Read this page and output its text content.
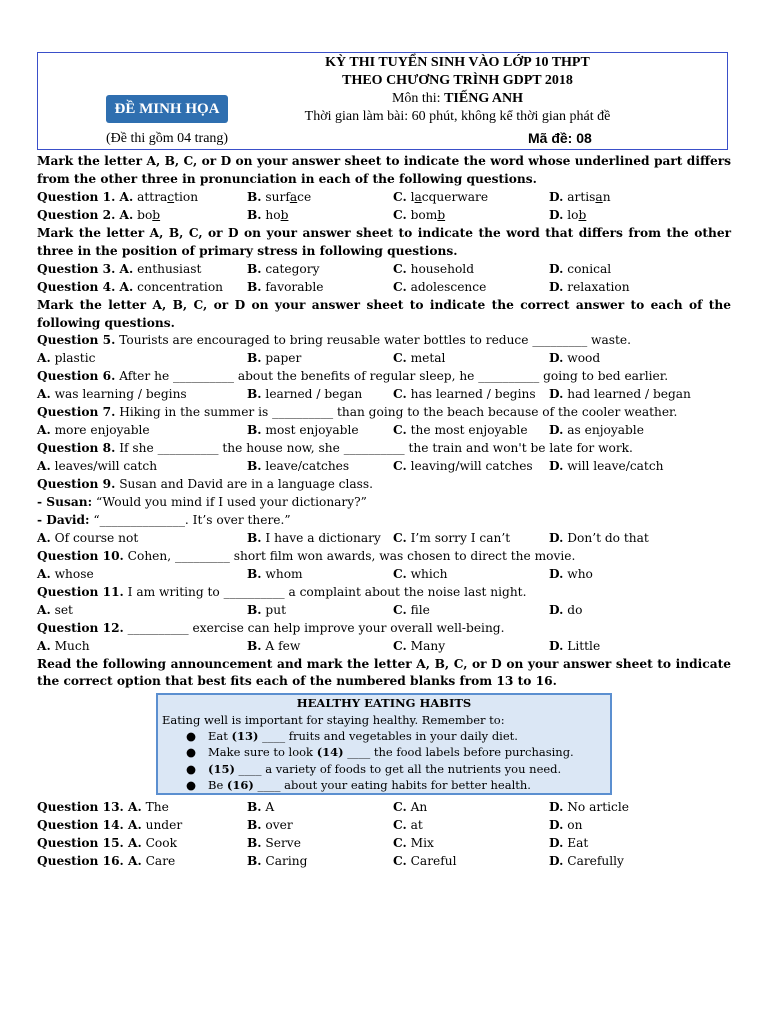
KỲ THI TUYỂN SINH VÀO LỚP 10 THPT
THEO CHƯƠNG TRÌNH GDPT 2018
Môn thi: TIẾNG ANH
Thời gian làm bài: 60 phút, không kể thời gian phát đề
ĐỀ MINH HỌA
(Đề thi gồm 04 trang)	Mã đề: 08
Mark the letter A, B, C, or D on your answer sheet to indicate the word whose underlined part differs from the other three in pronunciation in each of the following questions.
Question 1. A. attraction	B. surface	C. lacquerware	D. artisan
Question 2. A. bob	B. hob	C. bomb	D. lob
Mark the letter A, B, C, or D on your answer sheet to indicate the word that differs from the other three in the position of primary stress in following questions.
Question 3. A. enthusiast	B. category	C. household	D. conical
Question 4. A. concentration B. favorable	C. adolescence	D. relaxation
Mark the letter A, B, C, or D on your answer sheet to indicate the correct answer to each of the following questions.
Question 5. Tourists are encouraged to bring reusable water bottles to reduce _________ waste.
A. plastic	B. paper	C. metal	D. wood
Question 6. After he __________ about the benefits of regular sleep, he __________ going to bed earlier.
A. was learning / begins	B. learned / began	C. has learned / begins D. had learned / began
Question 7. Hiking in the summer is __________ than going to the beach because of the cooler weather.
A. more enjoyable	B. most enjoyable	C. the most enjoyable D. as enjoyable
Question 8. If she __________ the house now, she __________ the train and won't be late for work.
A. leaves/will catch	B. leave/catches	C. leaving/will catches D. will leave/catch
Question 9. Susan and David are in a language class.
- Susan: “Would you mind if I used your dictionary?”
- David: “______________. It’s over there.”
A. Of course not	B. I have a dictionary C. I’m sorry I can’t	D. Don’t do that
Question 10. Cohen, _________ short film won awards, was chosen to direct the movie.
A. whose	B. whom	C. which	D. who
Question 11. I am writing to __________ a complaint about the noise last night.
A. set	B. put	C. file	D. do
Question 12. __________ exercise can help improve your overall well-being.
A. Much	B. A few	C. Many	D. Little
Read the following announcement and mark the letter A, B, C, or D on your answer sheet to indicate the correct option that best fits each of the numbered blanks from 13 to 16.
HEALTHY EATING HABITS
Eating well is important for staying healthy. Remember to:
● Eat (13) ____ fruits and vegetables in your daily diet.
● Make sure to look (14) ____ the food labels before purchasing.
● (15) ____ a variety of foods to get all the nutrients you need.
● Be (16) ____ about your eating habits for better health.
Question 13. A. The	B. A	C. An	D. No article
Question 14. A. under	B. over	C. at	D. on
Question 15. A. Cook	B. Serve	C. Mix	D. Eat
Question 16. A. Care	B. Caring	C. Careful	D. Carefully
